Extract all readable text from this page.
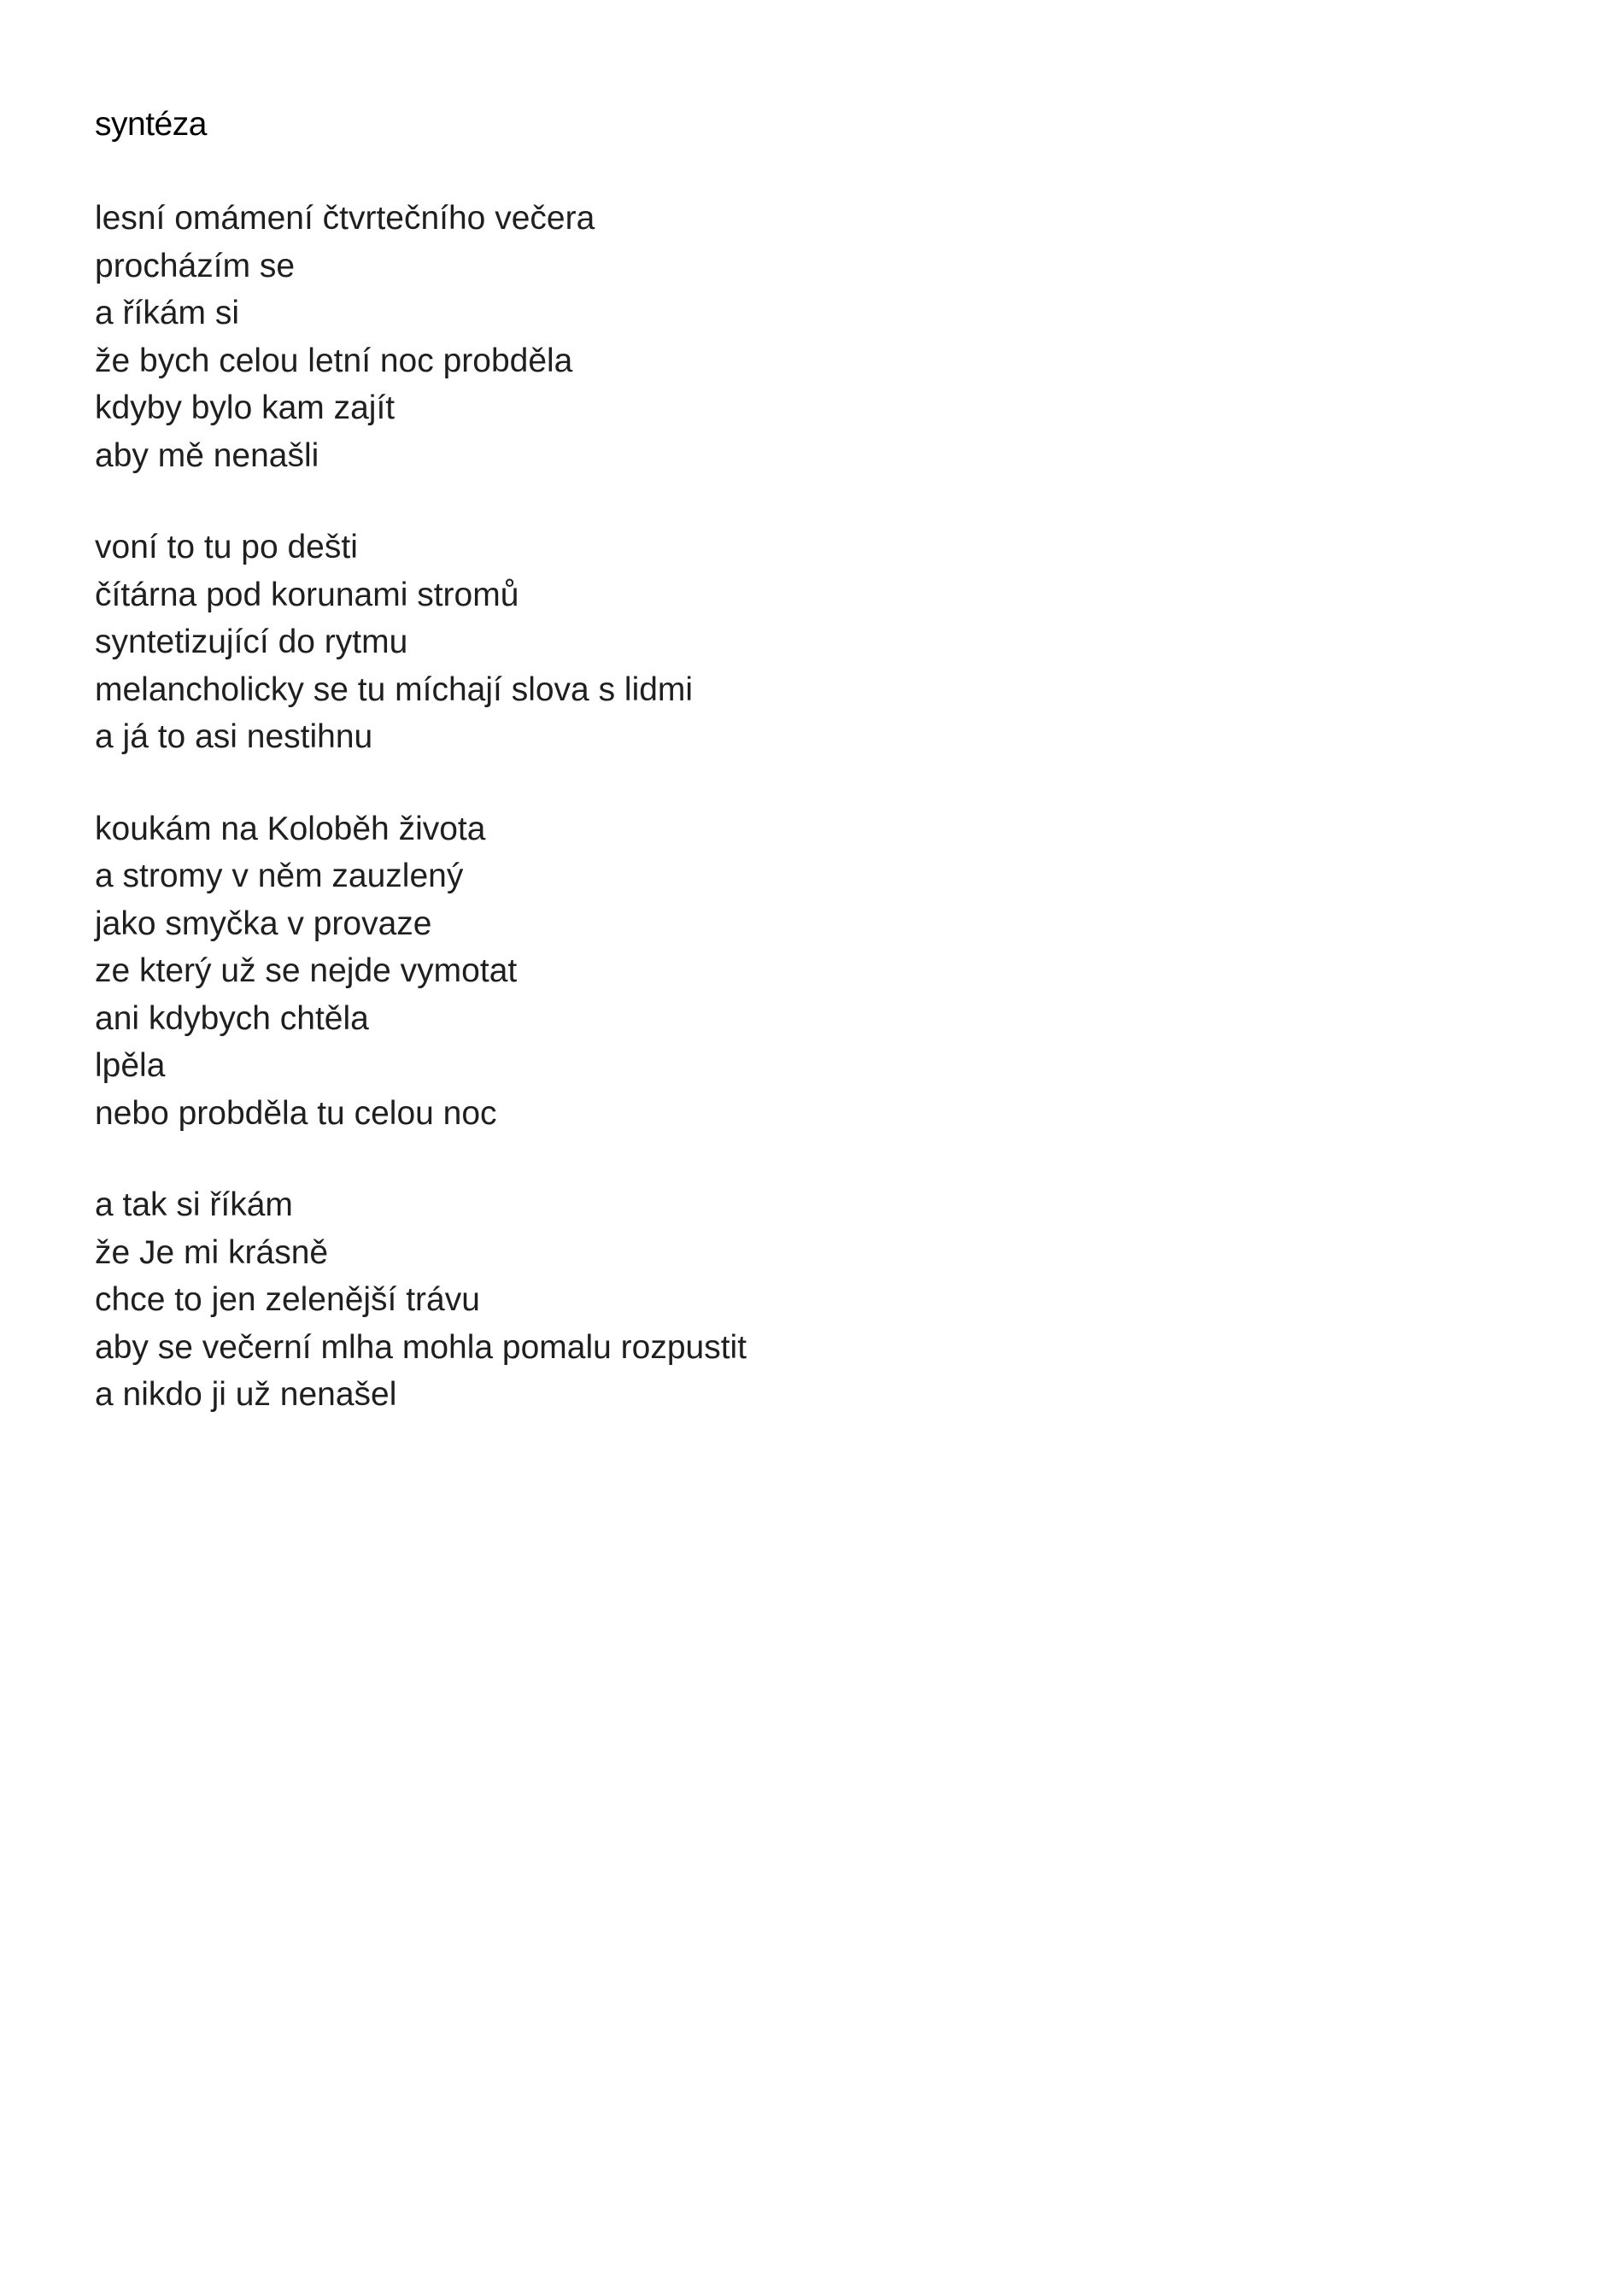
syntéza
lesní omámení čtvrtečního večera
procházím se
a říkám si
že bych celou letní noc probděla
kdyby bylo kam zajít
aby mě nenašli
voní to tu po dešti
čítárna pod korunami stromů
syntetizující do rytmu
melancholicky se tu míchají slova s lidmi
a já to asi nestihnu
koukám na Koloběh života
a stromy v něm zauzlený
jako smyčka v provaze
ze který už se nejde vymotat
ani kdybych chtěla
lpěla
nebo probděla tu celou noc
a tak si říkám
že Je mi krásně
chce to jen zelenější trávu
aby se večerní mlha mohla pomalu rozpustit
a nikdo ji už nenašel
